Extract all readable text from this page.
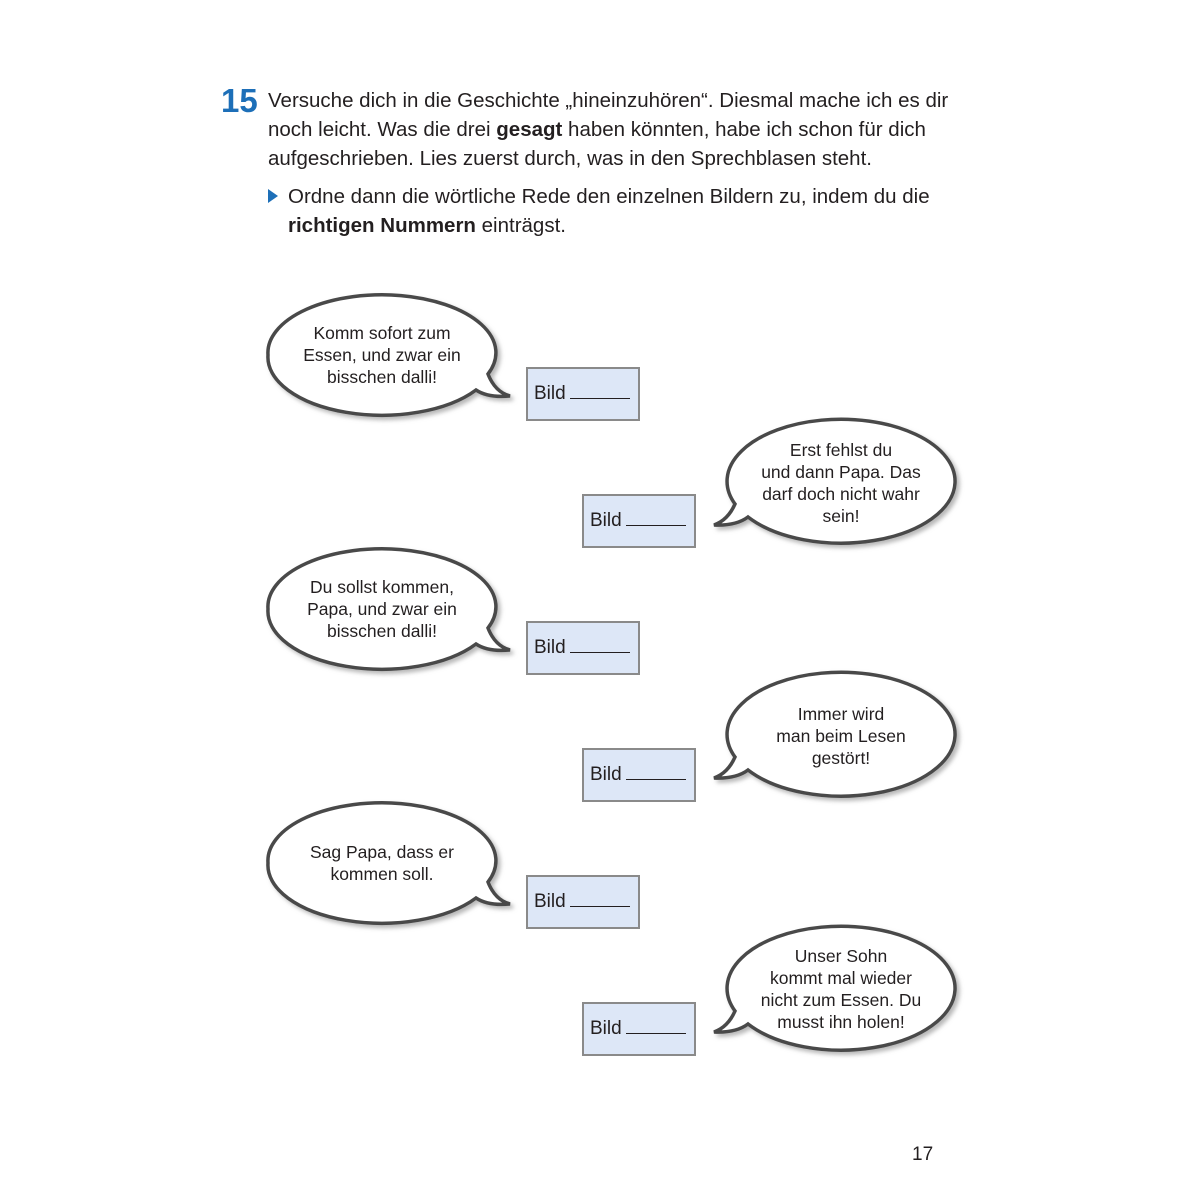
15 Versuche dich in die Geschichte „hineinzuhören“. Diesmal mache ich es dir noch leicht. Was die drei gesagt haben könnten, habe ich schon für dich aufgeschrieben. Lies zuerst durch, was in den Sprechblasen steht.

Ordne dann die wörtliche Rede den einzelnen Bildern zu, indem du die richtigen Nummern einträgst.

Komm sofort zum
Essen, und zwar ein
bisschen dalli!
Erst fehlst du
und dann Papa. Das
darf doch nicht wahr
sein!
Du sollst kommen,
Papa, und zwar ein
bisschen dalli!
Immer wird
man beim Lesen
gestört!
Sag Papa, dass er
kommen soll.
Unser Sohn
kommt mal wieder
nicht zum Essen. Du
musst ihn holen!
Bild
Bild
Bild
Bild
Bild
Bild
17
